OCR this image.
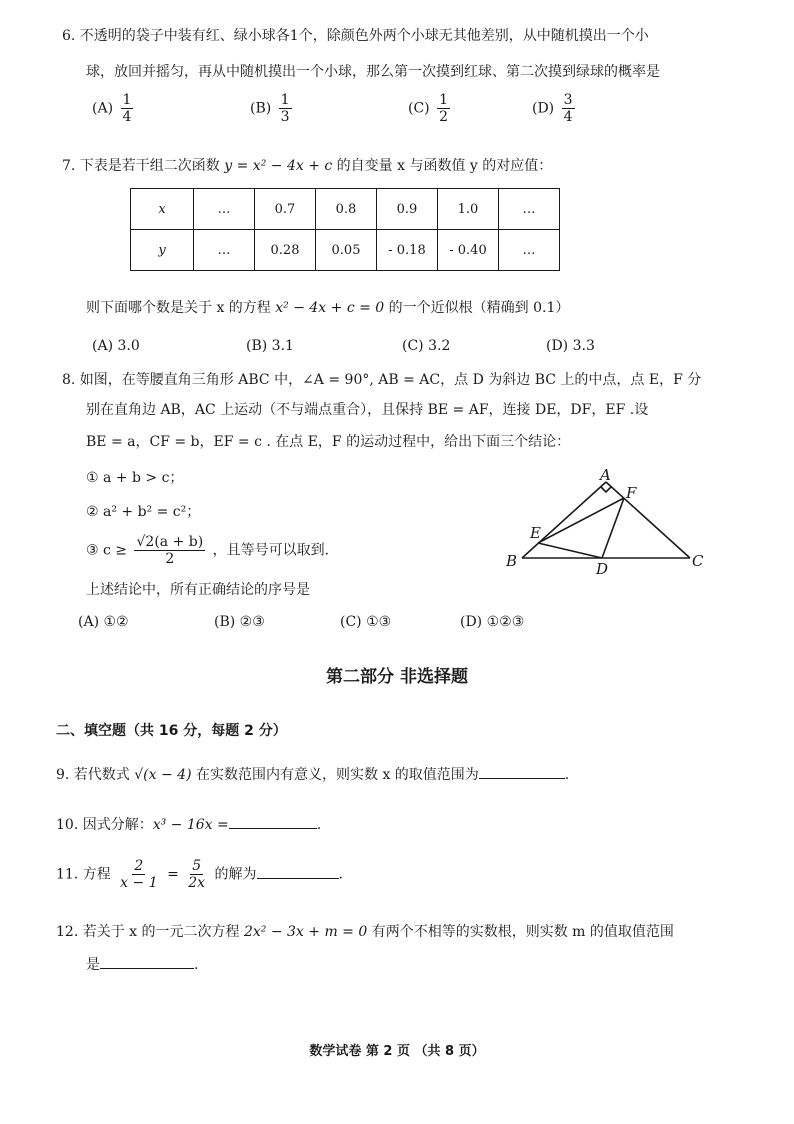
6. 不透明的袋子中装有红、绿小球各1个，除颜色外两个小球无其他差别，从中随机摸出一个小
球，放回并摇匀，再从中随机摸出一个小球，那么第一次摸到红球、第二次摸到绿球的概率是
$(A) \frac{1}{4}$	$(B) \frac{1}{3}$	$(C) \frac{1}{2}$	$(D) \frac{3}{4}$
7. 下表是若干组二次函数 y = x² − 4x + c 的自变量 x 与函数值 y 的对应值：
x	…	0.7	0.8	0.9	1.0	…
y	…	0.28	0.05	- 0.18	- 0.40	…
则下面哪个数是关于 x 的方程 x² − 4x + c = 0 的一个近似根（精确到 0.1）
(A) 3.0	(B) 3.1	(C) 3.2	(D) 3.3
8. 如图，在等腰直角三角形 ABC 中，∠A = 90°, AB = AC，点 D 为斜边 BC 上的中点，点 E，F 分
别在直角边 AB，AC 上运动（不与端点重合），且保持 BE = AF，连接 DE，DF，EF .设
BE = a，CF = b，EF = c . 在点 E，F 的运动过程中，给出下面三个结论：
① a + b > c；
② a² + b² = c²；
③ $c \ge \frac{√2(a + b)}{2}$ ，且等号可以取到.
上述结论中，所有正确结论的序号是
(A) ①②	(B) ②③	(C) ①③	(D) ①②③
A
B	C
D
E
F
第二部分 非选择题
二、填空题（共 16 分，每题 2 分）
9. 若代数式 √(x − 4) 在实数范围内有意义，则实数 x 的取值范围为	.
10. 因式分解：x³ − 16x =	.
11. 方程 $\frac{2}{x - 1} = \frac{5}{2x}$ 的解为	.
12. 若关于 x 的一元二次方程 2x² − 3x + m = 0 有两个不相等的实数根，则实数 m 的值取值范围
是	.
数学试卷 第 2 页 （共 8 页）
